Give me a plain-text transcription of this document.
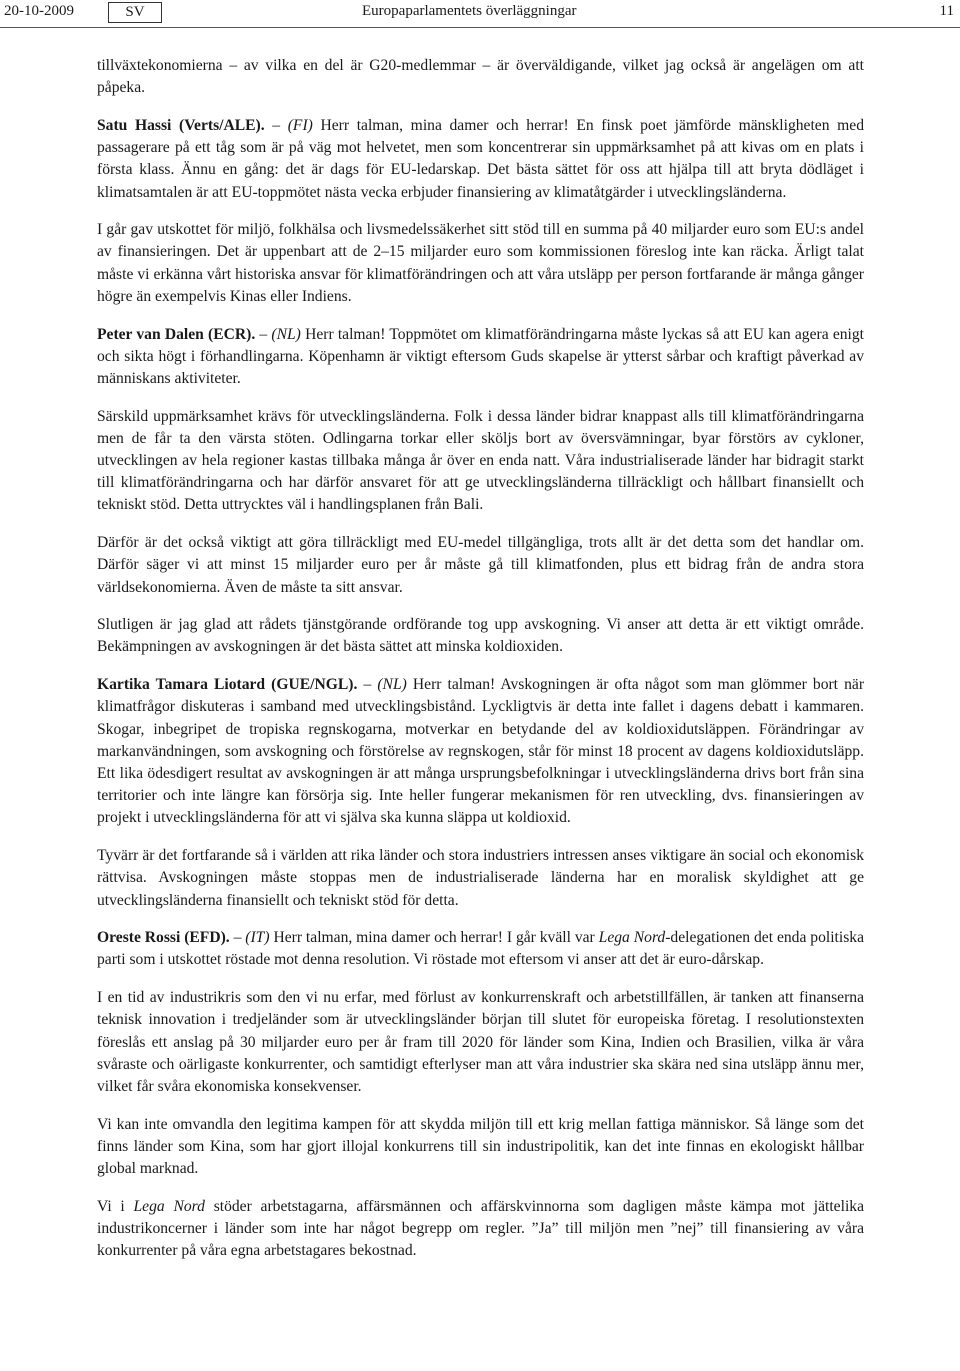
20-10-2009	SV	Europaparlamentets överläggningar	11

tillväxtekonomierna – av vilka en del är G20-medlemmar – är överväldigande, vilket jag också är angelägen om att påpeka.

Satu Hassi (Verts/ALE). – (FI) Herr talman, mina damer och herrar! En finsk poet jämförde mänskligheten med passagerare på ett tåg som är på väg mot helvetet, men som koncentrerar sin uppmärksamhet på att kivas om en plats i första klass. Ännu en gång: det är dags för EU-ledarskap. Det bästa sättet för oss att hjälpa till att bryta dödläget i klimatsamtalen är att EU-toppmötet nästa vecka erbjuder finansiering av klimatåtgärder i utvecklingsländerna.

I går gav utskottet för miljö, folkhälsa och livsmedelssäkerhet sitt stöd till en summa på 40 miljarder euro som EU:s andel av finansieringen. Det är uppenbart att de 2–15 miljarder euro som kommissionen föreslog inte kan räcka. Ärligt talat måste vi erkänna vårt historiska ansvar för klimatförändringen och att våra utsläpp per person fortfarande är många gånger högre än exempelvis Kinas eller Indiens.

Peter van Dalen (ECR). – (NL) Herr talman! Toppmötet om klimatförändringarna måste lyckas så att EU kan agera enigt och sikta högt i förhandlingarna. Köpenhamn är viktigt eftersom Guds skapelse är ytterst sårbar och kraftigt påverkad av människans aktiviteter.

Särskild uppmärksamhet krävs för utvecklingsländerna. Folk i dessa länder bidrar knappast alls till klimatförändringarna men de får ta den värsta stöten. Odlingarna torkar eller sköljs bort av översvämningar, byar förstörs av cykloner, utvecklingen av hela regioner kastas tillbaka många år över en enda natt. Våra industrialiserade länder har bidragit starkt till klimatförändringarna och har därför ansvaret för att ge utvecklingsländerna tillräckligt och hållbart finansiellt och tekniskt stöd. Detta uttrycktes väl i handlingsplanen från Bali.

Därför är det också viktigt att göra tillräckligt med EU-medel tillgängliga, trots allt är det detta som det handlar om. Därför säger vi att minst 15 miljarder euro per år måste gå till klimatfonden, plus ett bidrag från de andra stora världsekonomierna. Även de måste ta sitt ansvar.

Slutligen är jag glad att rådets tjänstgörande ordförande tog upp avskogning. Vi anser att detta är ett viktigt område. Bekämpningen av avskogningen är det bästa sättet att minska koldioxiden.

Kartika Tamara Liotard (GUE/NGL). – (NL) Herr talman! Avskogningen är ofta något som man glömmer bort när klimatfrågor diskuteras i samband med utvecklingsbistånd. Lyckligtvis är detta inte fallet i dagens debatt i kammaren. Skogar, inbegripet de tropiska regnskogarna, motverkar en betydande del av koldioxidutsläppen. Förändringar av markanvändningen, som avskogning och förstörelse av regnskogen, står för minst 18 procent av dagens koldioxidutsläpp. Ett lika ödesdigert resultat av avskogningen är att många ursprungsbefolkningar i utvecklingsländerna drivs bort från sina territorier och inte längre kan försörja sig. Inte heller fungerar mekanismen för ren utveckling, dvs. finansieringen av projekt i utvecklingsländerna för att vi själva ska kunna släppa ut koldioxid.

Tyvärr är det fortfarande så i världen att rika länder och stora industriers intressen anses viktigare än social och ekonomisk rättvisa. Avskogningen måste stoppas men de industrialiserade länderna har en moralisk skyldighet att ge utvecklingsländerna finansiellt och tekniskt stöd för detta.

Oreste Rossi (EFD). – (IT) Herr talman, mina damer och herrar! I går kväll var Lega Nord-delegationen det enda politiska parti som i utskottet röstade mot denna resolution. Vi röstade mot eftersom vi anser att det är euro-dårskap.

I en tid av industrikris som den vi nu erfar, med förlust av konkurrenskraft och arbetstillfällen, är tanken att finanserna teknisk innovation i tredjeländer som är utvecklingsländer början till slutet för europeiska företag. I resolutionstexten föreslås ett anslag på 30 miljarder euro per år fram till 2020 för länder som Kina, Indien och Brasilien, vilka är våra svåraste och oärligaste konkurrenter, och samtidigt efterlyser man att våra industrier ska skära ned sina utsläpp ännu mer, vilket får svåra ekonomiska konsekvenser.

Vi kan inte omvandla den legitima kampen för att skydda miljön till ett krig mellan fattiga människor. Så länge som det finns länder som Kina, som har gjort illojal konkurrens till sin industripolitik, kan det inte finnas en ekologiskt hållbar global marknad.

Vi i Lega Nord stöder arbetstagarna, affärsmännen och affärskvinnorna som dagligen måste kämpa mot jättelika industrikoncerner i länder som inte har något begrepp om regler. ”Ja” till miljön men ”nej” till finansiering av våra konkurrenter på våra egna arbetstagares bekostnad.
